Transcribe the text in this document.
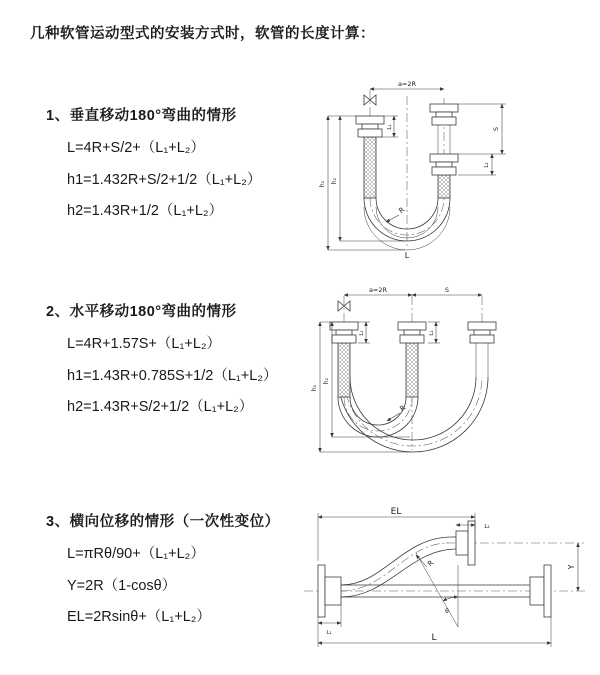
几种软管运动型式的安装方式时，软管的长度计算：
1、垂直移动180°弯曲的情形
L=4R+S/2+（L₁+L₂）
h1=1.432R+S/2+1/2（L₁+L₂）
h2=1.43R+1/2（L₁+L₂）
2、水平移动180°弯曲的情形
L=4R+1.57S+（L₁+L₂）
h1=1.43R+0.785S+1/2（L₁+L₂）
h2=1.43R+S/2+1/2（L₁+L₂）
3、横向位移的情形（一次性变位）
L=πRθ/90+（L₁+L₂）
Y=2R（1-cosθ）
EL=2Rsinθ+（L₁+L₂）
a=2R
h₂
h₁
L₁	S
L₂
R
L
a=2R	S
h₂
h₁
L₁	L₂
R
θ
EL
L₂
Y
L
L₁
R
